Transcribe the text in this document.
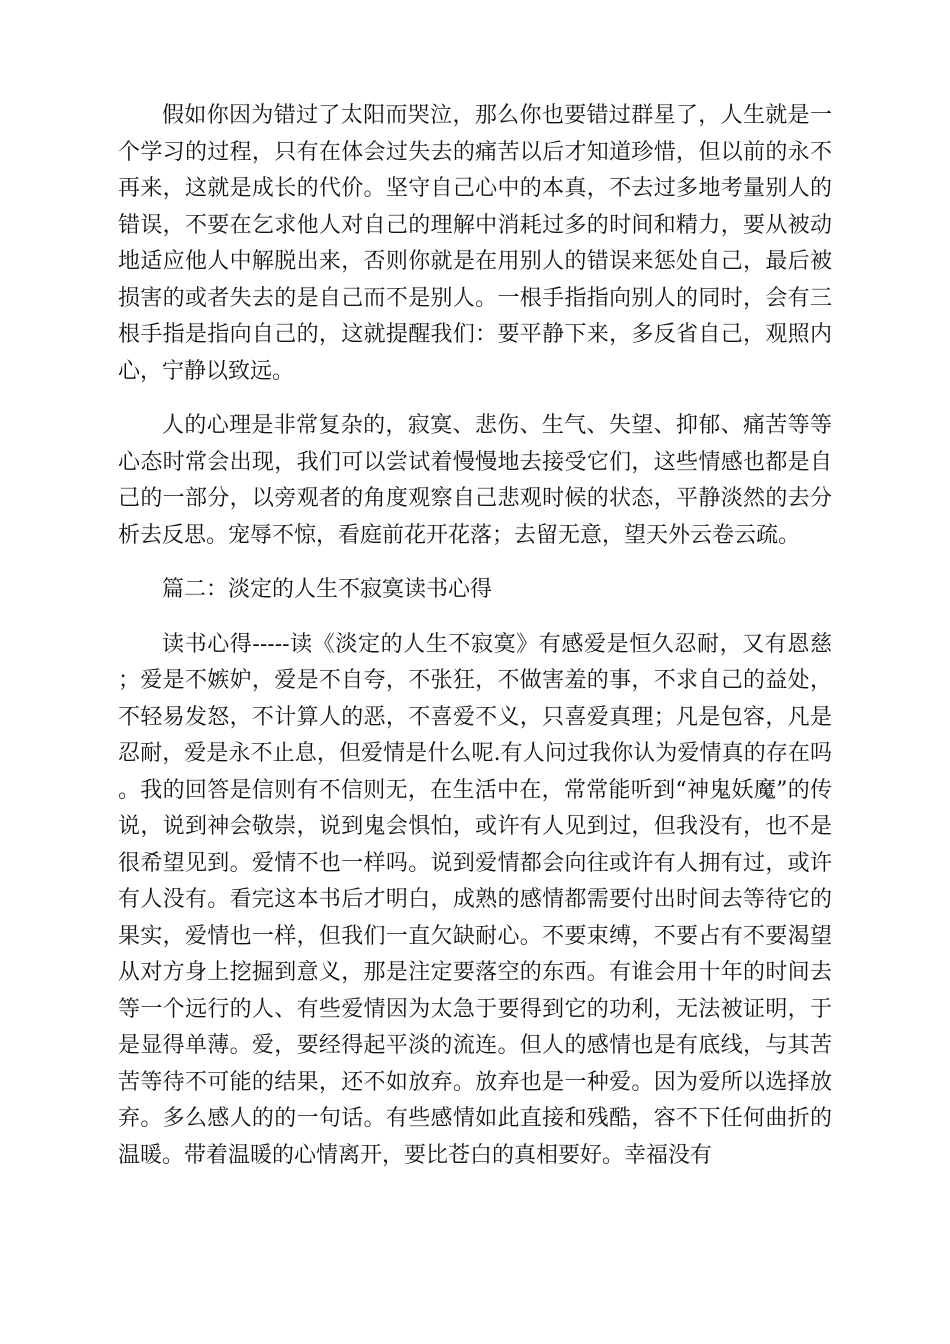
假如你因为错过了太阳而哭泣，那么你也要错过群星了，人生就是一个学习的过程，只有在体会过失去的痛苦以后才知道珍惜，但以前的永不再来，这就是成长的代价。坚守自己心中的本真，不去过多地考量别人的错误，不要在乞求他人对自己的理解中消耗过多的时间和精力，要从被动地适应他人中解脱出来，否则你就是在用别人的错误来惩处自己，最后被损害的或者失去的是自己而不是别人。一根手指指向别人的同时，会有三根手指是指向自己的，这就提醒我们：要平静下来，多反省自己，观照内心，宁静以致远。

人的心理是非常复杂的，寂寞、悲伤、生气、失望、抑郁、痛苦等等心态时常会出现，我们可以尝试着慢慢地去接受它们，这些情感也都是自己的一部分，以旁观者的角度观察自己悲观时候的状态，平静淡然的去分析去反思。宠辱不惊，看庭前花开花落；去留无意，望天外云卷云疏。

篇二：淡定的人生不寂寞读书心得

读书心得-----读《淡定的人生不寂寞》有感爱是恒久忍耐，又有恩慈；爱是不嫉妒，爱是不自夸，不张狂，不做害羞的事，不求自己的益处，不轻易发怒，不计算人的恶，不喜爱不义，只喜爱真理；凡是包容，凡是忍耐，爱是永不止息，但爱情是什么呢.有人问过我你认为爱情真的存在吗。我的回答是信则有不信则无，在生活中在，常常能听到“神鬼妖魔”的传说，说到神会敬崇，说到鬼会惧怕，或许有人见到过，但我没有，也不是很希望见到。爱情不也一样吗。说到爱情都会向往或许有人拥有过，或许有人没有。看完这本书后才明白，成熟的感情都需要付出时间去等待它的果实，爱情也一样，但我们一直欠缺耐心。不要束缚，不要占有不要渴望从对方身上挖掘到意义，那是注定要落空的东西。有谁会用十年的时间去等一个远行的人、有些爱情因为太急于要得到它的功利，无法被证明，于是显得单薄。爱，要经得起平淡的流连。但人的感情也是有底线，与其苦苦等待不可能的结果，还不如放弃。放弃也是一种爱。因为爱所以选择放弃。多么感人的的一句话。有些感情如此直接和残酷，容不下任何曲折的温暖。带着温暖的心情离开，要比苍白的真相要好。幸福没有
